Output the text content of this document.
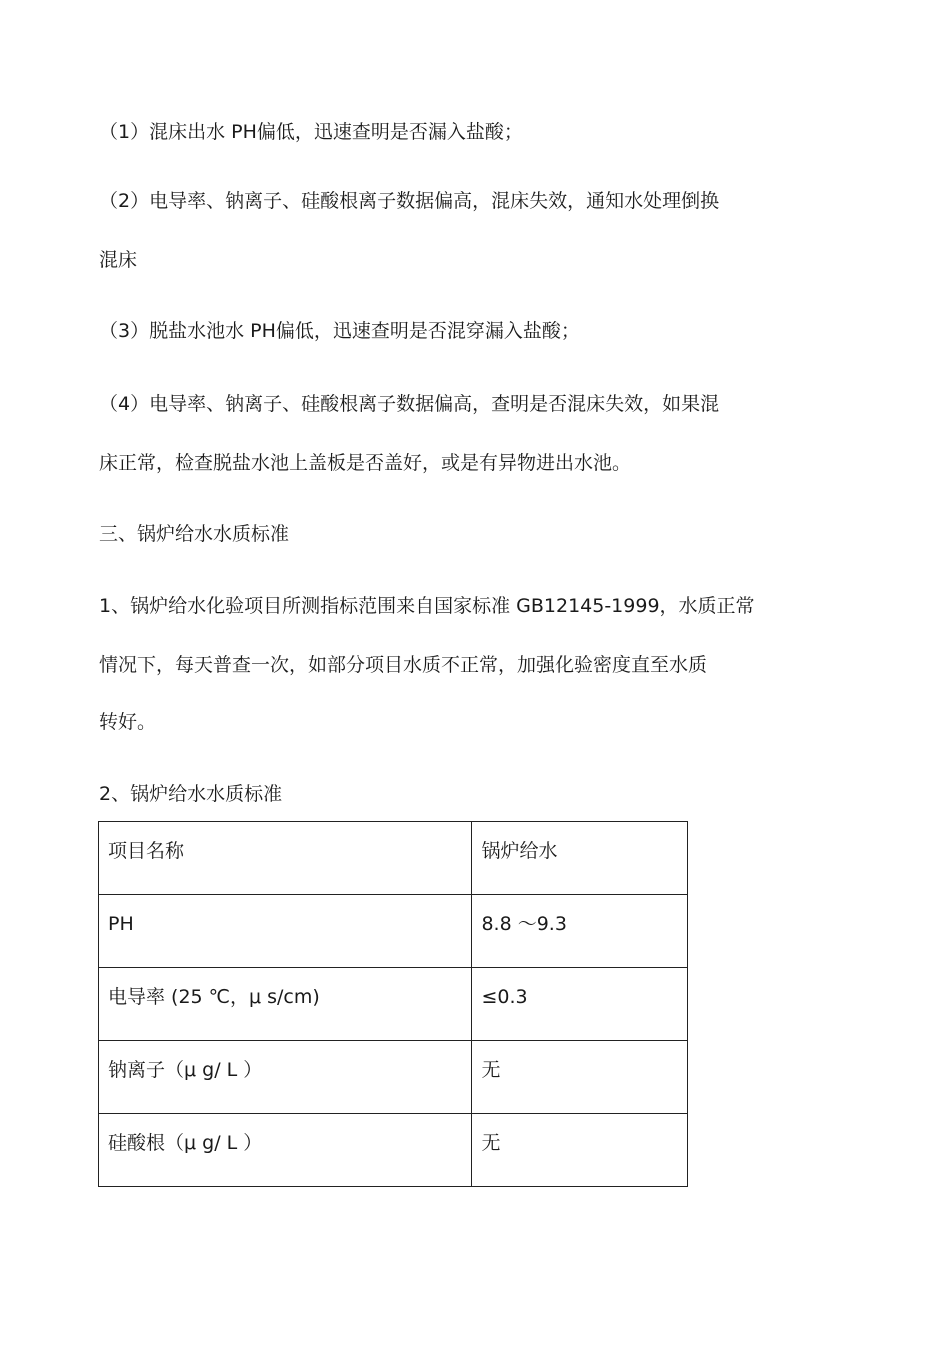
（1）混床出水 PH偏低，迅速查明是否漏入盐酸；

（2）电导率、钠离子、硅酸根离子数据偏高，混床失效，通知水处理倒换

混床

（3）脱盐水池水 PH偏低，迅速查明是否混穿漏入盐酸；

（4）电导率、钠离子、硅酸根离子数据偏高，查明是否混床失效，如果混

床正常，检查脱盐水池上盖板是否盖好，或是有异物进出水池。

三、锅炉给水水质标准

1、锅炉给水化验项目所测指标范围来自国家标准 GB12145-1999，水质正常

情况下，每天普查一次，如部分项目水质不正常，加强化验密度直至水质

转好。

2、锅炉给水水质标准
项目名称	锅炉给水

PH	8.8 ～9.3

电导率 (25 ℃，μ s/cm)	≤0.3

钠离子（μ g/ L ）	无

硅酸根（μ g/ L ）	无
